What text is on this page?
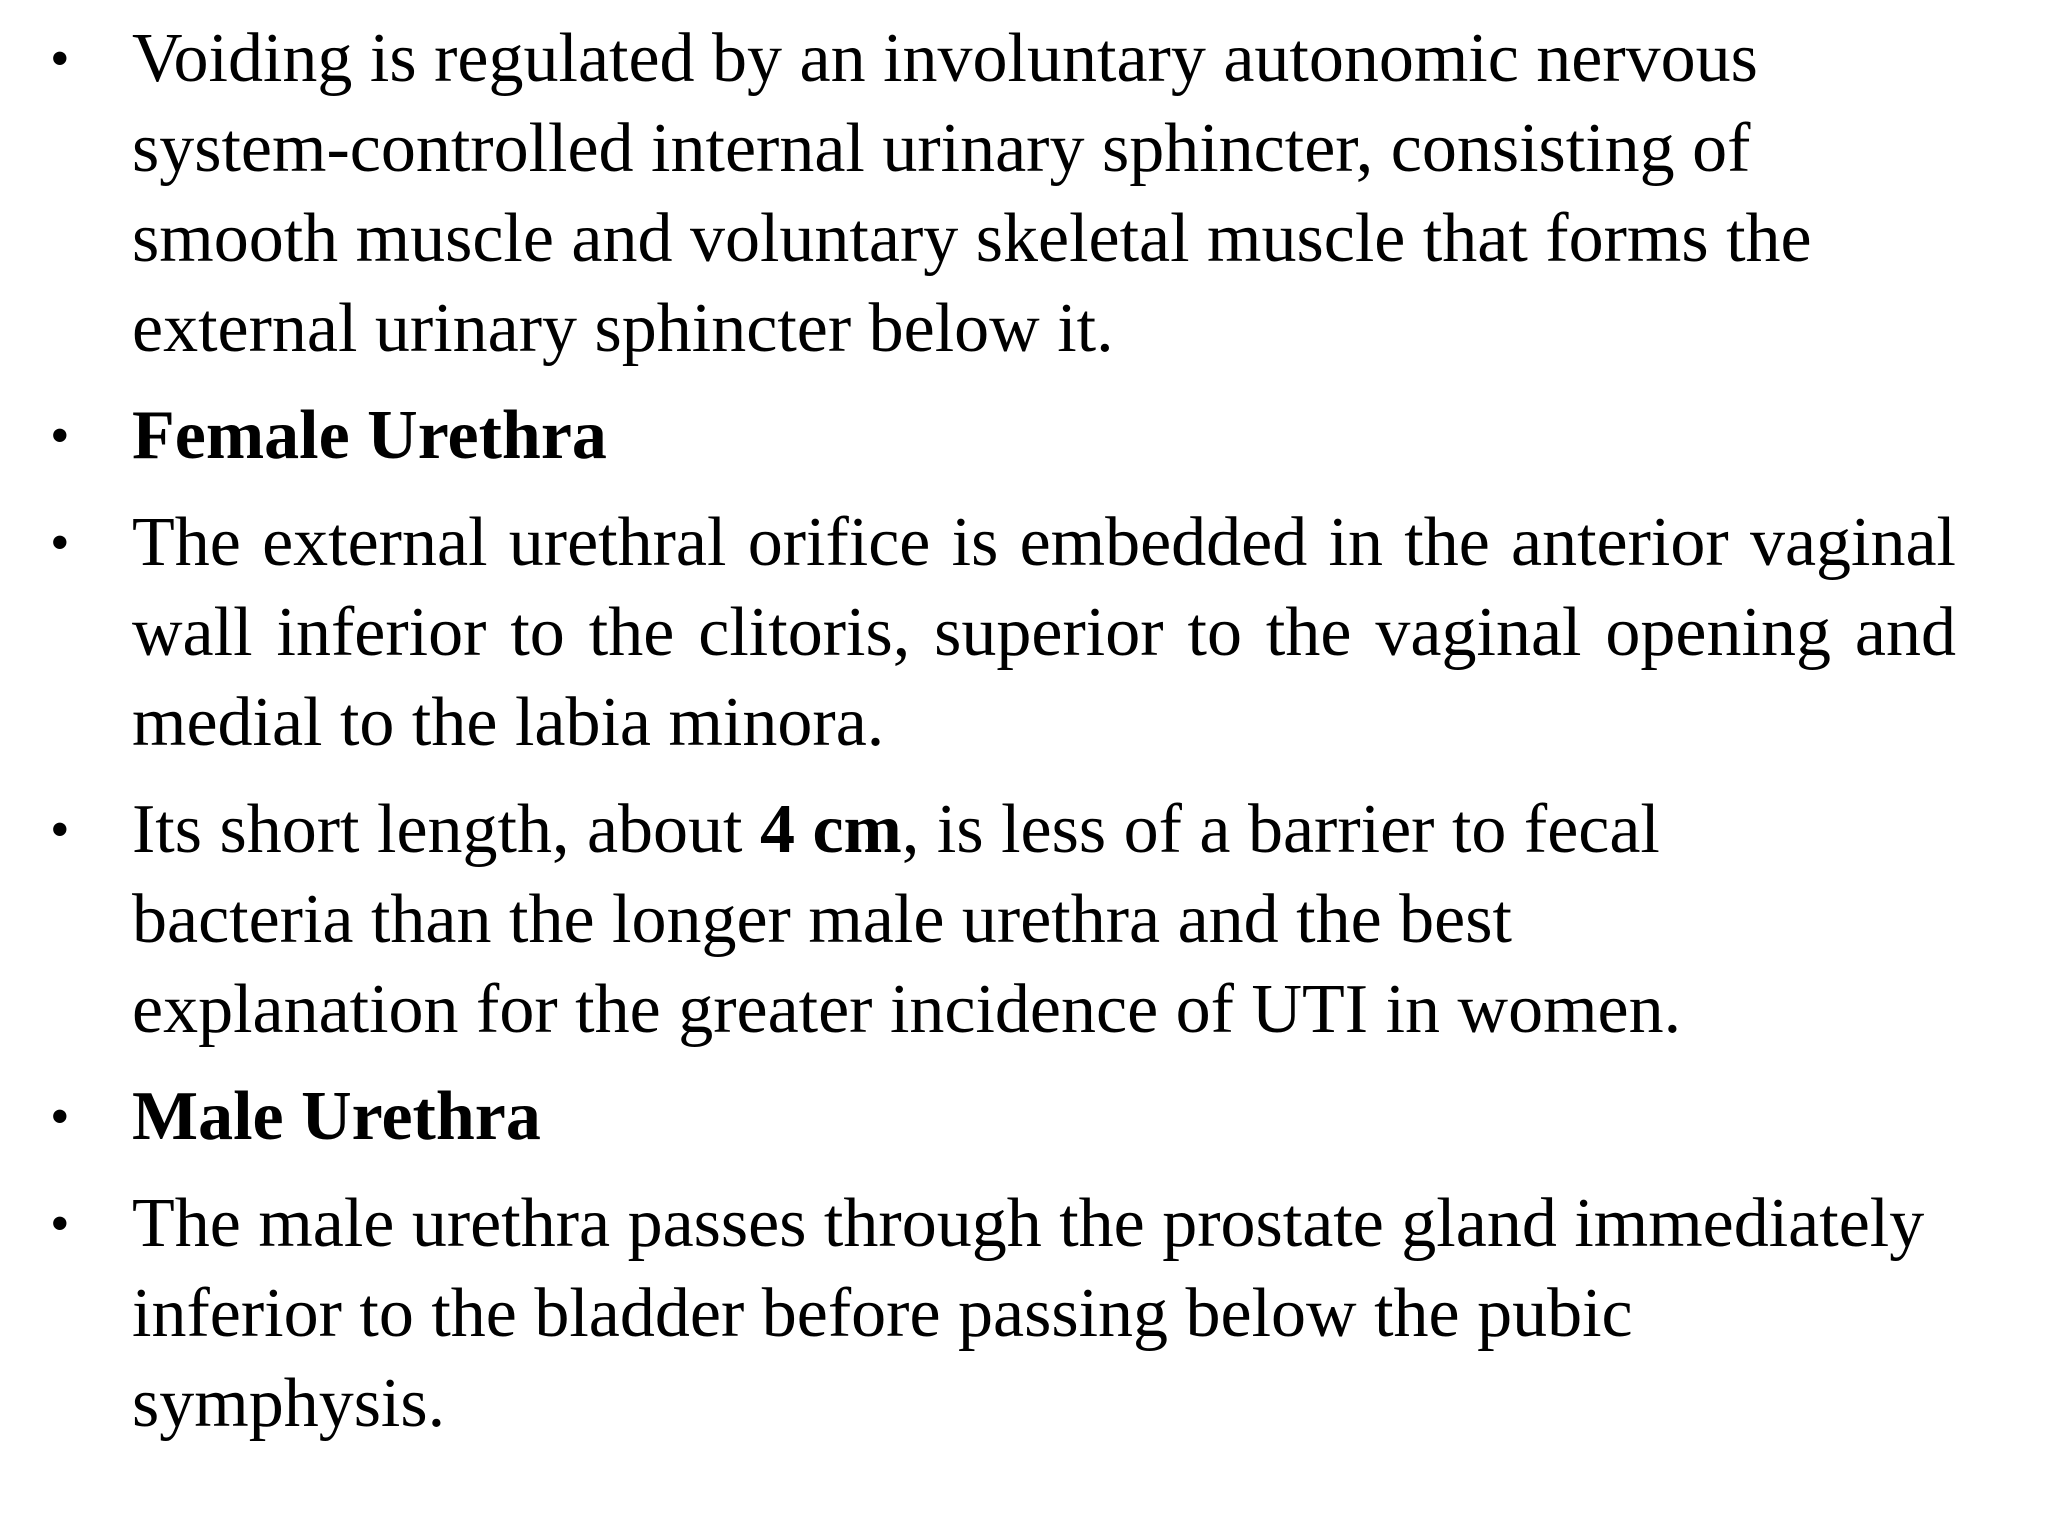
• Voiding is regulated by an involuntary autonomic nervous
system-controlled internal urinary sphincter, consisting of
smooth muscle and voluntary skeletal muscle that forms the
external urinary sphincter below it.
• Female Urethra
• The external urethral orifice is embedded in the anterior vaginal wall inferior to the clitoris, superior to the vaginal opening and medial to the labia minora.
• Its short length, about 4 cm, is less of a barrier to fecal
bacteria than the longer male urethra and the best
explanation for the greater incidence of UTI in women.
• Male Urethra
• The male urethra passes through the prostate gland immediately
inferior to the bladder before passing below the pubic
symphysis.
